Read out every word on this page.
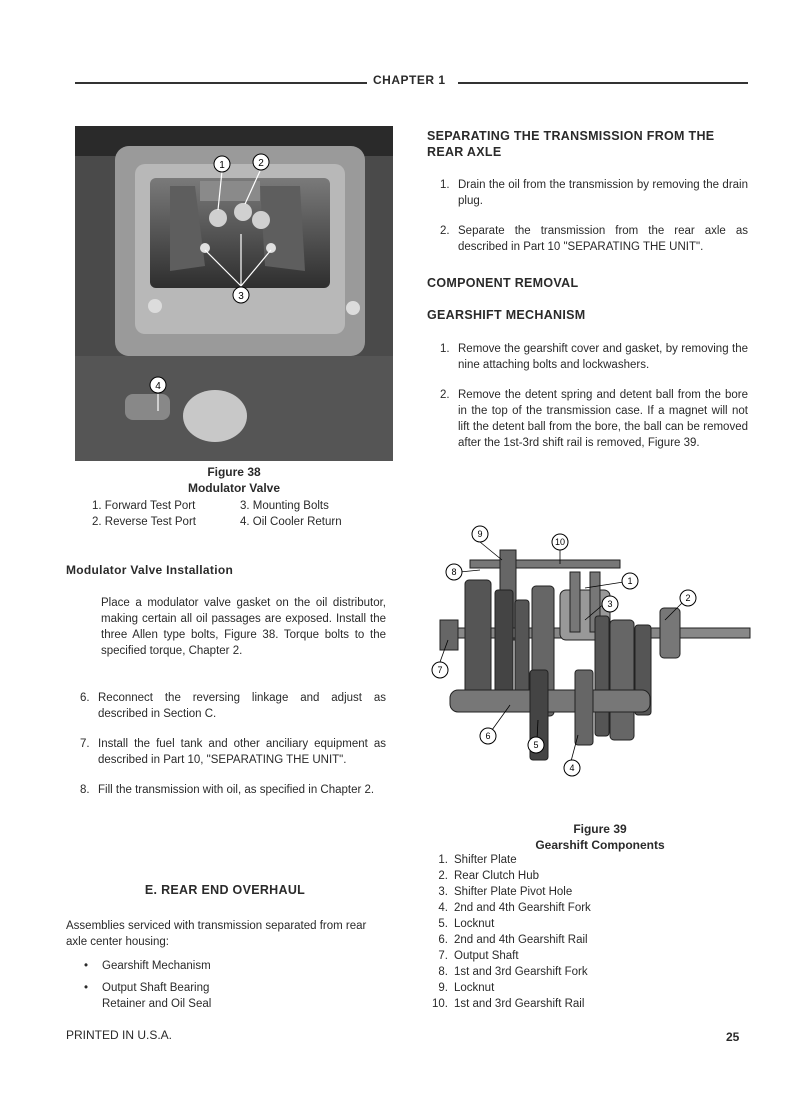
CHAPTER 1
1	2
3
4
Figure 38
Modulator Valve
1. Forward Test Port
2. Reverse Test Port
3. Mounting Bolts
4. Oil Cooler Return
Modulator Valve Installation
Place a modulator valve gasket on the oil distributor, making certain all oil passages are exposed. Install the three Allen type bolts, Figure 38. Torque bolts to the specified torque, Chapter 2.
6. Reconnect the reversing linkage and adjust as described in Section C.
7. Install the fuel tank and other anciliary equipment as described in Part 10, "SEPARATING THE UNIT".
8. Fill the transmission with oil, as specified in Chapter 2.
E. REAR END OVERHAUL
Assemblies serviced with transmission separated from rear axle center housing:
•	Gearshift Mechanism
•	Output Shaft Bearing Retainer and Oil Seal
SEPARATING THE TRANSMISSION FROM THE REAR AXLE
1. Drain the oil from the transmission by removing the drain plug.
2. Separate the transmission from the rear axle as described in Part 10 "SEPARATING THE UNIT".
COMPONENT REMOVAL
GEARSHIFT MECHANISM
1. Remove the gearshift cover and gasket, by removing the nine attaching bolts and lockwashers.
2. Remove the detent spring and detent ball from the bore in the top of the transmission case. If a magnet will not lift the detent ball from the bore, the ball can be removed after the 1st-3rd shift rail is removed, Figure 39.
9
10
8
1
3
2
7
6
5
4
Figure 39
Gearshift Components
1. Shifter Plate
2. Rear Clutch Hub
3. Shifter Plate Pivot Hole
4. 2nd and 4th Gearshift Fork
5. Locknut
6. 2nd and 4th Gearshift Rail
7. Output Shaft
8. 1st and 3rd Gearshift Fork
9. Locknut
10. 1st and 3rd Gearshift Rail
PRINTED IN U.S.A.	25
